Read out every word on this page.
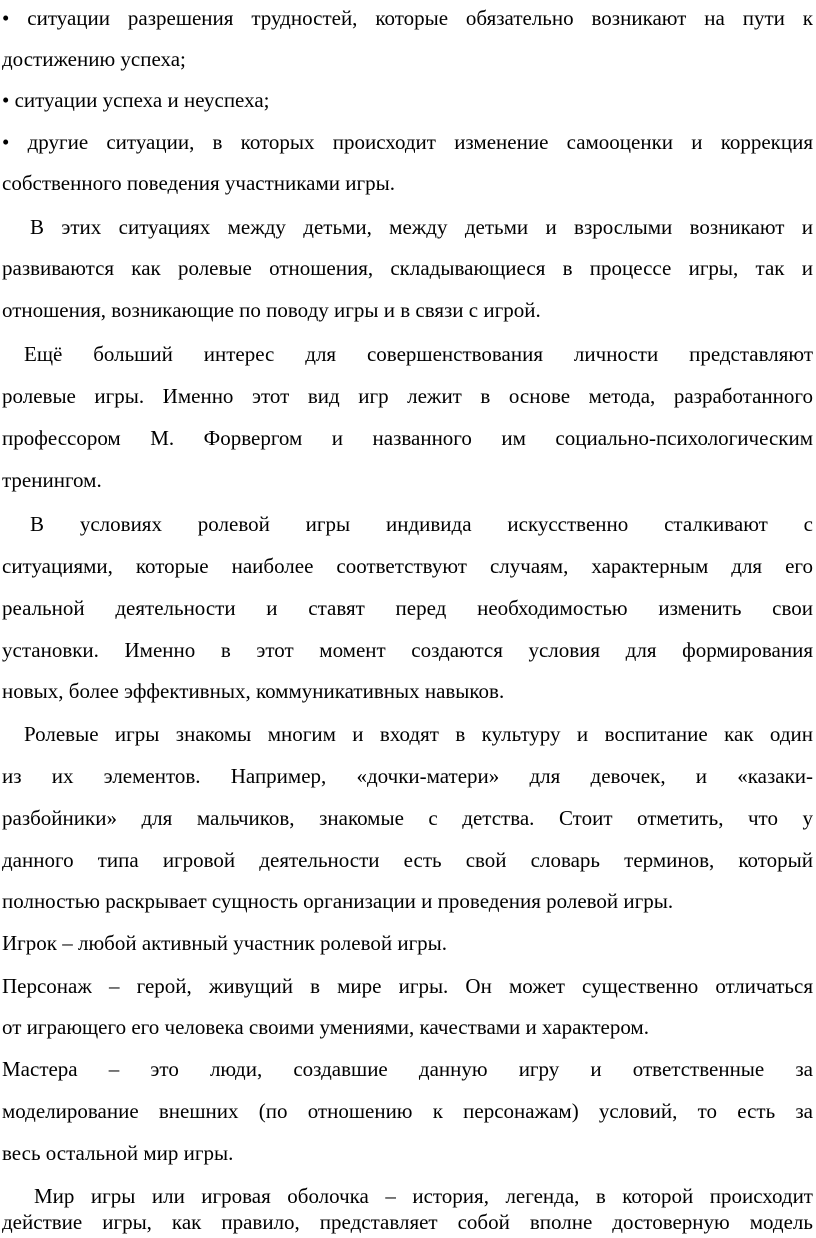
• ситуации разрешения трудностей, которые обязательно возникают на пути к
достижению успеха;
• ситуации успеха и неуспеха;
• другие ситуации, в которых происходит изменение самооценки и коррекция
собственного поведения участниками игры.
В этих ситуациях между детьми, между детьми и взрослыми возникают и
развиваются как ролевые отношения, складывающиеся в процессе игры, так и
отношения, возникающие по поводу игры и в связи с игрой.
Ещё больший интерес для совершенствования личности представляют
ролевые игры. Именно этот вид игр лежит в основе метода, разработанного
профессором М. Форвергом и названного им социально-психологическим
тренингом.
В условиях ролевой игры индивида искусственно сталкивают с
ситуациями, которые наиболее соответствуют случаям, характерным для его
реальной деятельности и ставят перед необходимостью изменить свои
установки. Именно в этот момент создаются условия для формирования
новых, более эффективных, коммуникативных навыков.
Ролевые игры знакомы многим и входят в культуру и воспитание как один
из их элементов. Например, «дочки-матери» для девочек, и «казаки-
разбойники» для мальчиков, знакомые с детства. Стоит отметить, что у
данного типа игровой деятельности есть свой словарь терминов, который
полностью раскрывает сущность организации и проведения ролевой игры.
Игрок – любой активный участник ролевой игры.
Персонаж – герой, живущий в мире игры. Он может существенно отличаться
от играющего его человека своими умениями, качествами и характером.
Мастера – это люди, создавшие данную игру и ответственные за
моделирование внешних (по отношению к персонажам) условий, то есть за
весь остальной мир игры.
Мир игры или игровая оболочка – история, легенда, в которой происходит
действие игры, как правило, представляет собой вполне достоверную модель
